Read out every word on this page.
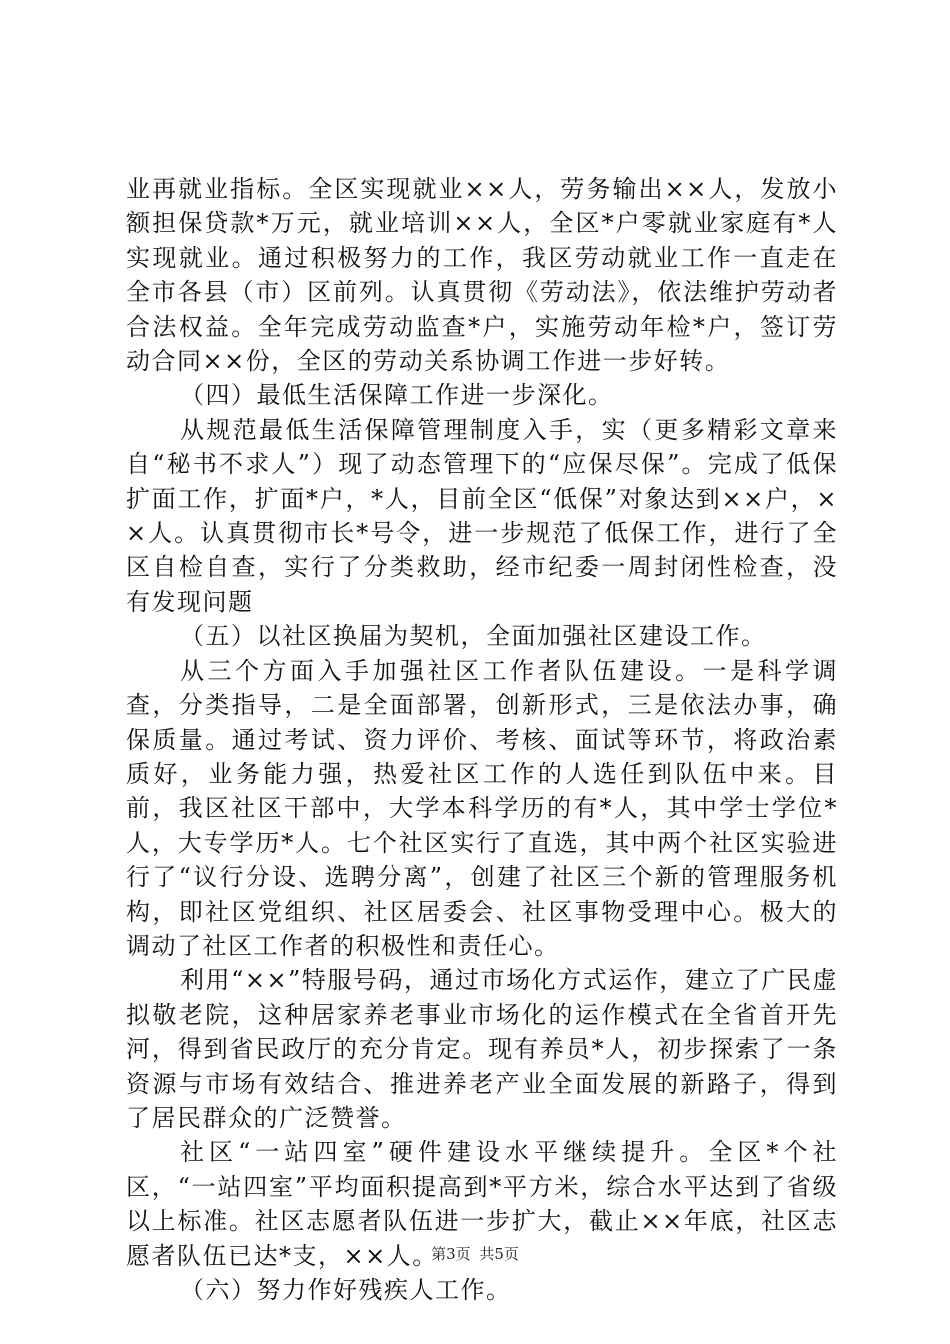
业再就业指标。全区实现就业××人，劳务输出××人，发放小额担保贷款*万元，就业培训××人，全区*户零就业家庭有*人实现就业。通过积极努力的工作，我区劳动就业工作一直走在全市各县（市）区前列。认真贯彻《劳动法》，依法维护劳动者合法权益。全年完成劳动监查*户，实施劳动年检*户，签订劳动合同××份，全区的劳动关系协调工作进一步好转。

（四）最低生活保障工作进一步深化。

从规范最低生活保障管理制度入手，实（更多精彩文章来自“秘书不求人”）现了动态管理下的“应保尽保”。完成了低保扩面工作，扩面*户，*人，目前全区“低保”对象达到××户，××人。认真贯彻市长*号令，进一步规范了低保工作，进行了全区自检自查，实行了分类救助，经市纪委一周封闭性检查，没有发现问题

（五）以社区换届为契机，全面加强社区建设工作。

从三个方面入手加强社区工作者队伍建设。一是科学调查，分类指导，二是全面部署，创新形式，三是依法办事，确保质量。通过考试、资力评价、考核、面试等环节，将政治素质好，业务能力强，热爱社区工作的人选任到队伍中来。目前，我区社区干部中，大学本科学历的有*人，其中学士学位*人，大专学历*人。七个社区实行了直选，其中两个社区实验进行了“议行分设、选聘分离”，创建了社区三个新的管理服务机构，即社区党组织、社区居委会、社区事物受理中心。极大的调动了社区工作者的积极性和责任心。

利用“××”特服号码，通过市场化方式运作，建立了广民虚拟敬老院，这种居家养老事业市场化的运作模式在全省首开先河，得到省民政厅的充分肯定。现有养员*人，初步探索了一条资源与市场有效结合、推进养老产业全面发展的新路子，得到了居民群众的广泛赞誉。

社区“一站四室”硬件建设水平继续提升。全区*个社区，“一站四室”平均面积提高到*平方米，综合水平达到了省级以上标准。社区志愿者队伍进一步扩大，截止××年底，社区志愿者队伍已达*支，××人。

（六）努力作好残疾人工作。

第3页 共5页
